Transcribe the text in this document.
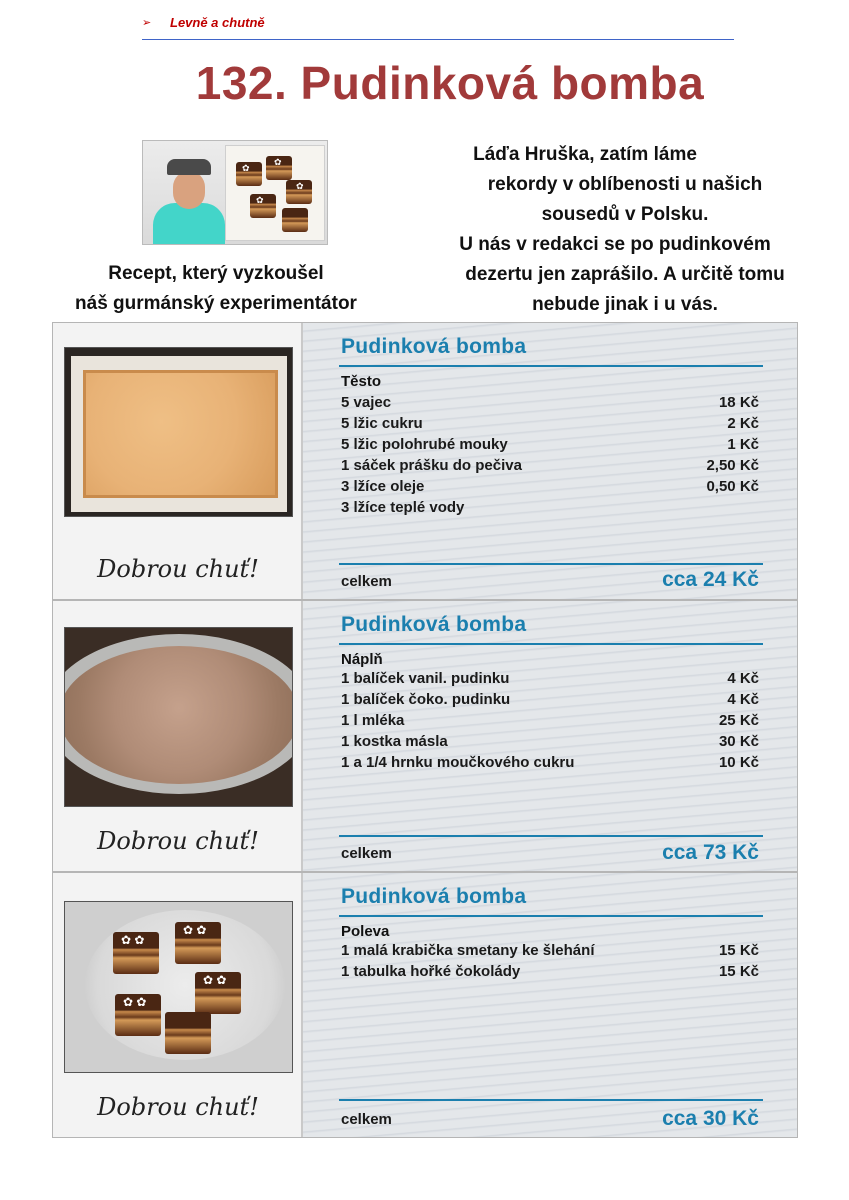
➢ Levně a chutně
132. Pudinková bomba
✿
✿
✿
✿
Recept, který vyzkoušel
náš gurmánský experimentátor
Láďa Hruška, zatím láme
rekordy v oblíbenosti u našich
sousedů v Polsku.
U nás v redakci se po pudinkovém
dezertu jen zaprášilo. A určitě tomu
nebude jinak i u vás.
Dobrou chuť!
Pudinková bomba
Těsto
5 vajec	18 Kč
5 lžic cukru	2 Kč
5 lžic polohrubé mouky	1 Kč
1 sáček prášku do pečiva	2,50 Kč
3 lžíce oleje	0,50 Kč
3 lžíce teplé vody
celkem	cca 24 Kč
Dobrou chuť!
Pudinková bomba
Náplň
1 balíček vanil. pudinku	4 Kč
1 balíček čoko. pudinku	4 Kč
1 l mléka	25 Kč
1 kostka másla	30 Kč
1 a 1/4 hrnku moučkového cukru	10 Kč
celkem	cca 73 Kč
✿ ✿
✿ ✿
✿ ✿
✿ ✿
Dobrou chuť!
Pudinková bomba
Poleva
1 malá krabička smetany ke šlehání	15 Kč
1 tabulka hořké čokolády	15 Kč
celkem	cca 30 Kč
